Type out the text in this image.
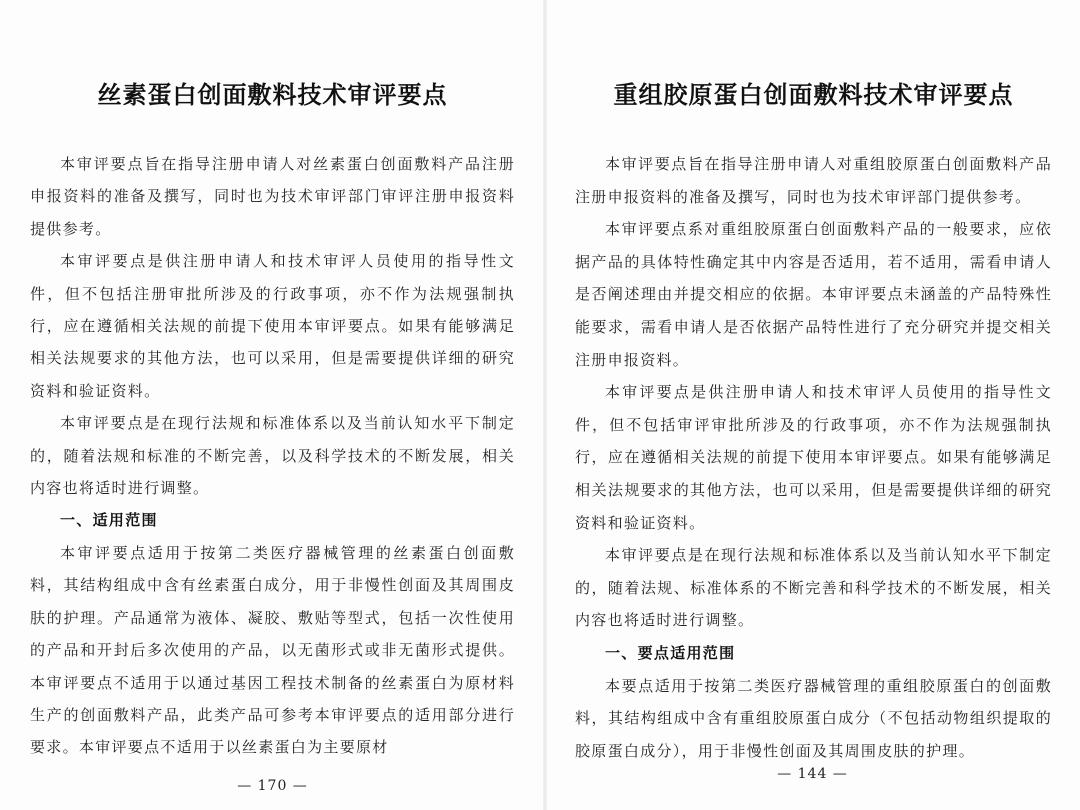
丝素蛋白创面敷料技术审评要点

本审评要点旨在指导注册申请人对丝素蛋白创面敷料产品注册申报资料的准备及撰写，同时也为技术审评部门审评注册申报资料提供参考。

本审评要点是供注册申请人和技术审评人员使用的指导性文件，但不包括注册审批所涉及的行政事项，亦不作为法规强制执行，应在遵循相关法规的前提下使用本审评要点。如果有能够满足相关法规要求的其他方法，也可以采用，但是需要提供详细的研究资料和验证资料。

本审评要点是在现行法规和标准体系以及当前认知水平下制定的，随着法规和标准的不断完善，以及科学技术的不断发展，相关内容也将适时进行调整。

一、适用范围

本审评要点适用于按第二类医疗器械管理的丝素蛋白创面敷料，其结构组成中含有丝素蛋白成分，用于非慢性创面及其周围皮肤的护理。产品通常为液体、凝胶、敷贴等型式，包括一次性使用的产品和开封后多次使用的产品，以无菌形式或非无菌形式提供。本审评要点不适用于以通过基因工程技术制备的丝素蛋白为原材料生产的创面敷料产品，此类产品可参考本审评要点的适用部分进行要求。本审评要点不适用于以丝素蛋白为主要原材

— 170 —
重组胶原蛋白创面敷料技术审评要点

本审评要点旨在指导注册申请人对重组胶原蛋白创面敷料产品注册申报资料的准备及撰写，同时也为技术审评部门提供参考。

本审评要点系对重组胶原蛋白创面敷料产品的一般要求，应依据产品的具体特性确定其中内容是否适用，若不适用，需看申请人是否阐述理由并提交相应的依据。本审评要点未涵盖的产品特殊性能要求，需看申请人是否依据产品特性进行了充分研究并提交相关注册申报资料。

本审评要点是供注册申请人和技术审评人员使用的指导性文件，但不包括审评审批所涉及的行政事项，亦不作为法规强制执行，应在遵循相关法规的前提下使用本审评要点。如果有能够满足相关法规要求的其他方法，也可以采用，但是需要提供详细的研究资料和验证资料。

本审评要点是在现行法规和标准体系以及当前认知水平下制定的，随着法规、标准体系的不断完善和科学技术的不断发展，相关内容也将适时进行调整。

一、要点适用范围

本要点适用于按第二类医疗器械管理的重组胶原蛋白的创面敷料，其结构组成中含有重组胶原蛋白成分（不包括动物组织提取的胶原蛋白成分），用于非慢性创面及其周围皮肤的护理。

— 144 —
